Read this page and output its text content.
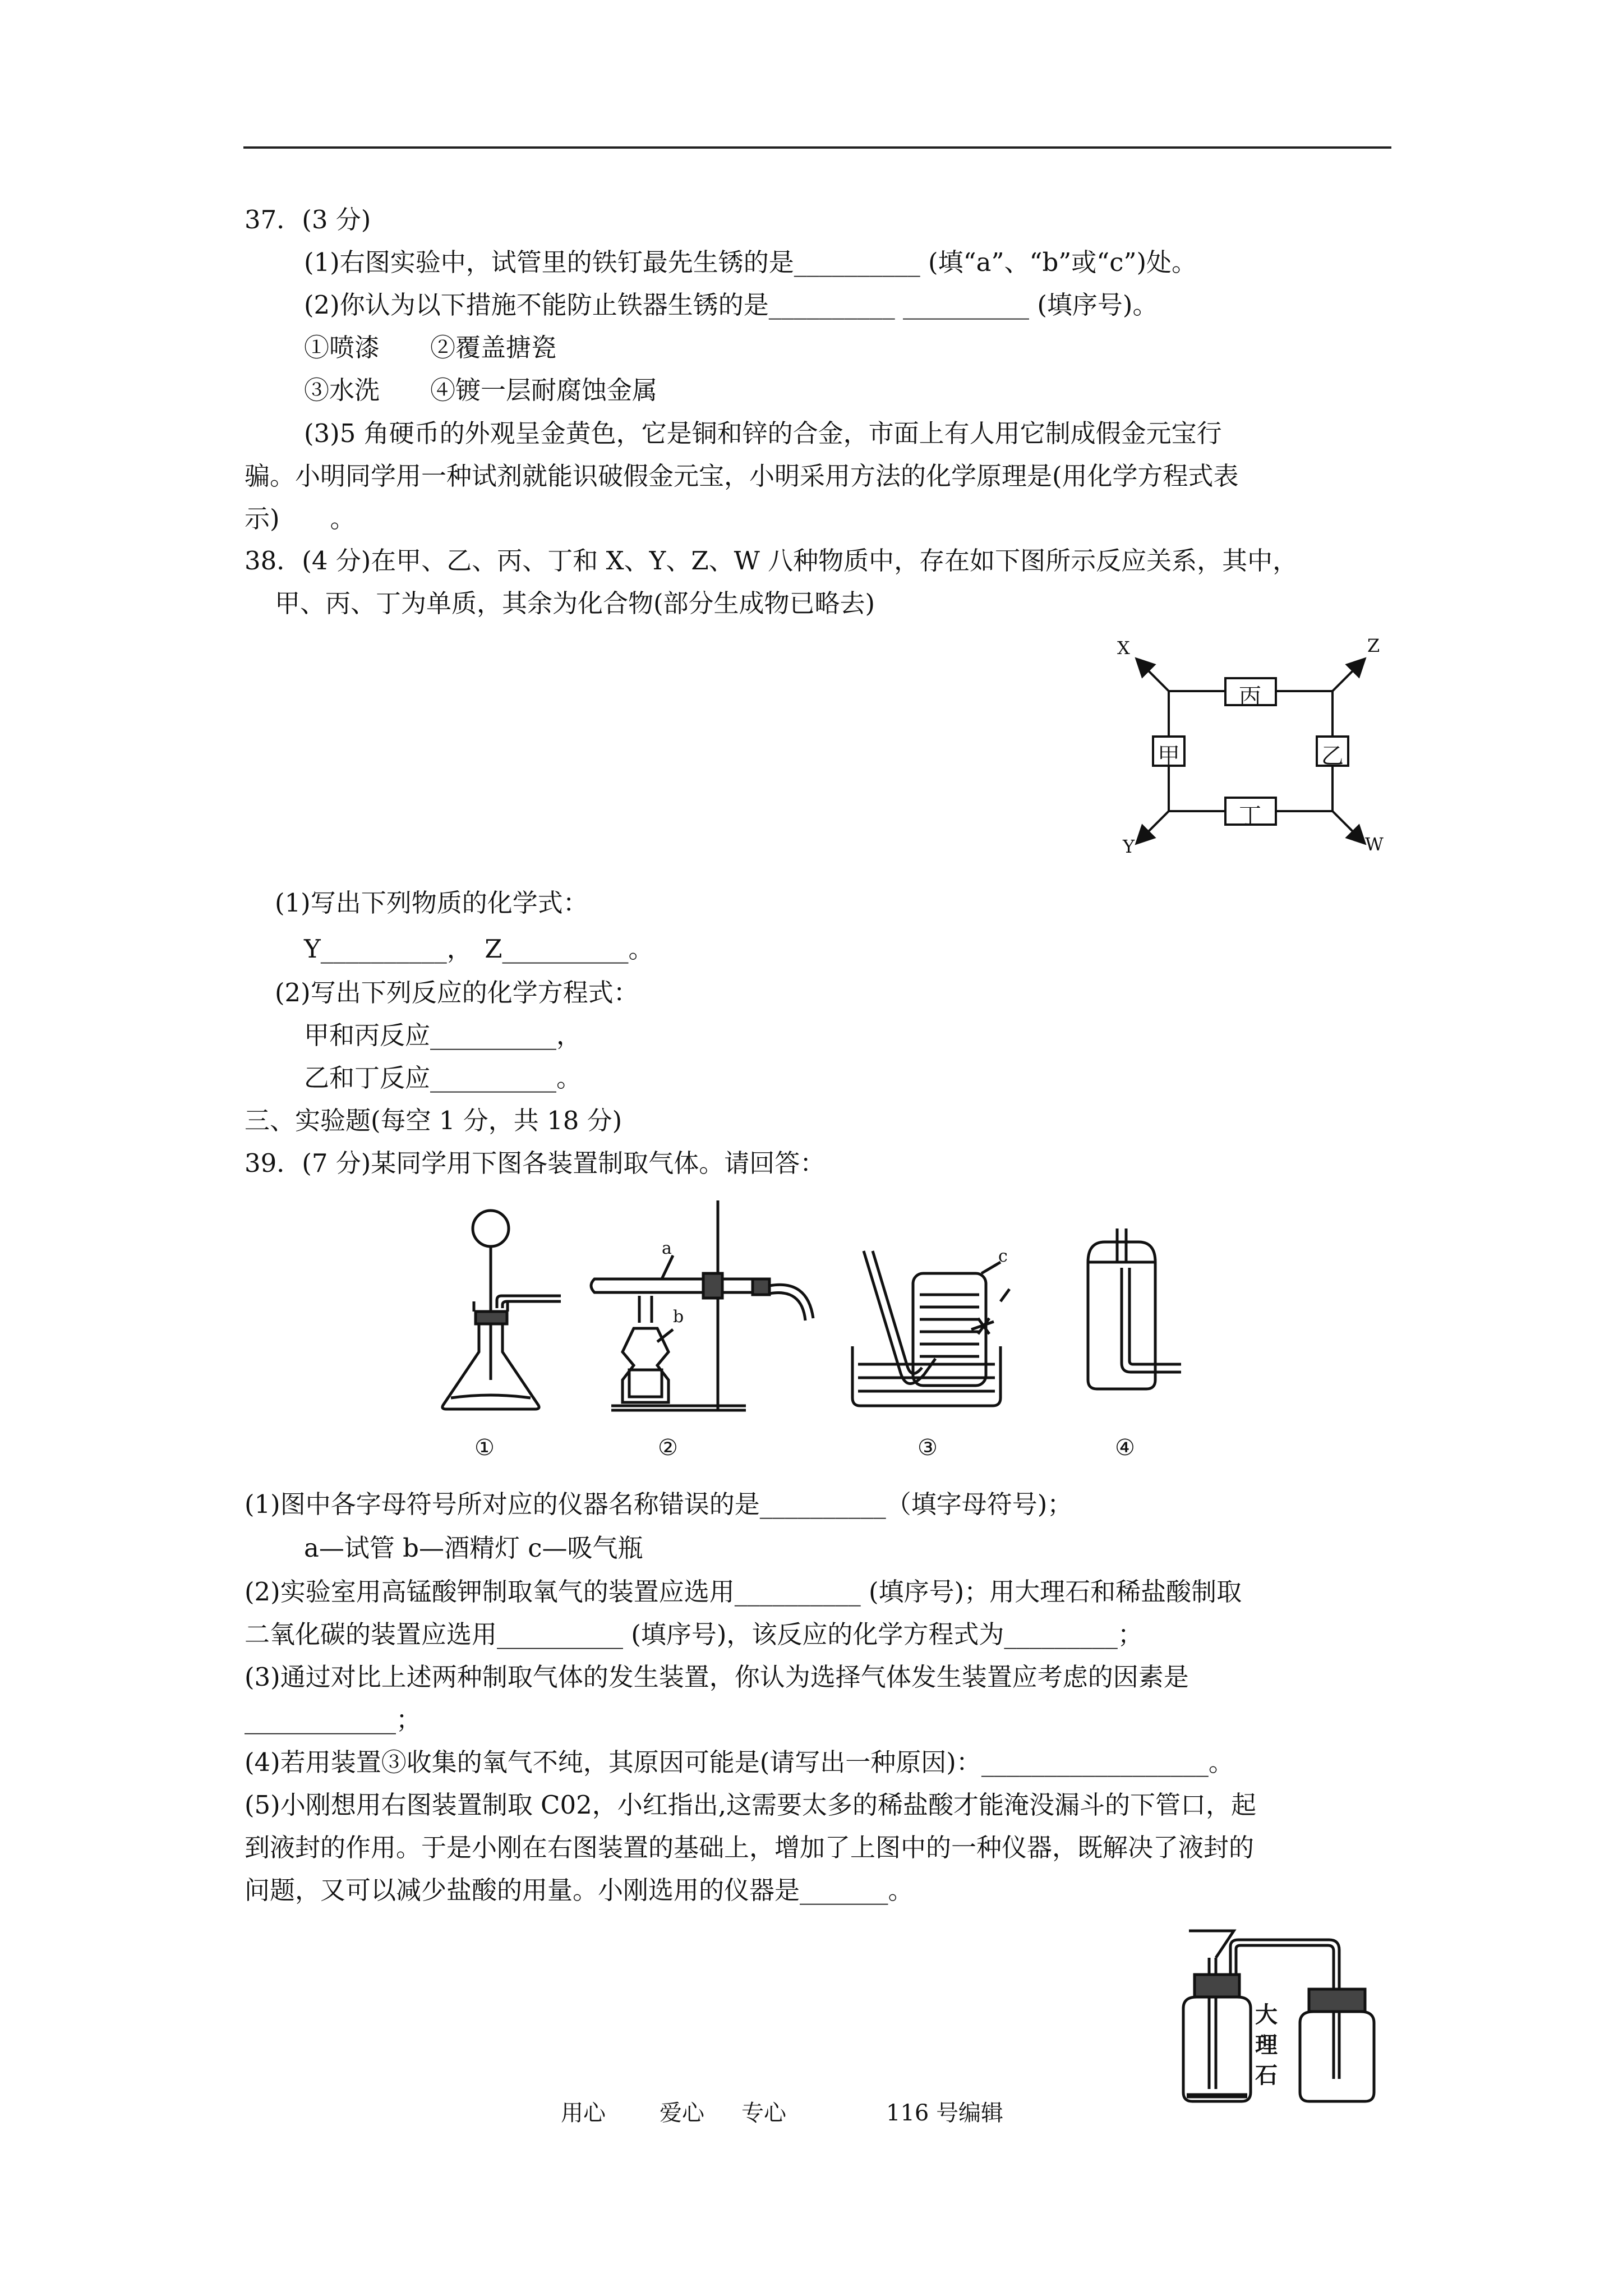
37．(3 分)
(1)右图实验中，试管里的铁钉最先生锈的是__________ (填“a”、“b”或“c”)处。
(2)你认为以下措施不能防止铁器生锈的是__________ __________ (填序号)。
①喷漆　　②覆盖搪瓷
③水洗　　④镀一层耐腐蚀金属
(3)5 角硬币的外观呈金黄色，它是铜和锌的合金，市面上有人用它制成假金元宝行
骗。小明同学用一种试剂就能识破假金元宝，小明采用方法的化学原理是(用化学方程式表
示)　　。
38．(4 分)在甲、乙、丙、丁和 X、Y、Z、W 八种物质中，存在如下图所示反应关系，其中，
甲、丙、丁为单质，其余为化合物(部分生成物已略去)
丙
丁
甲	乙
X	Z
Y	W
(1)写出下列物质的化学式：
Y__________，　Z__________。
(2)写出下列反应的化学方程式：
甲和丙反应__________，
乙和丁反应__________。
三、实验题(每空 1 分，共 18 分)
39．(7 分)某同学用下图各装置制取气体。请回答：
①	②	③	④
a
b
c
(1)图中各字母符号所对应的仪器名称错误的是__________（填字母符号)；
a—试管 b—酒精灯 c—吸气瓶
(2)实验室用高锰酸钾制取氧气的装置应选用__________ (填序号)；用大理石和稀盐酸制取
二氧化碳的装置应选用__________ (填序号)，该反应的化学方程式为_________；
(3)通过对比上述两种制取气体的发生装置，你认为选择气体发生装置应考虑的因素是
____________；
(4)若用装置③收集的氧气不纯，其原因可能是(请写出一种原因)：__________________。
(5)小刚想用右图装置制取 C02，小红指出,这需要太多的稀盐酸才能淹没漏斗的下管口，起
到液封的作用。于是小刚在右图装置的基础上，增加了上图中的一种仪器，既解决了液封的
问题，又可以减少盐酸的用量。小刚选用的仪器是_______。
大
理
石
用心 爱心 专心	116 号编辑
